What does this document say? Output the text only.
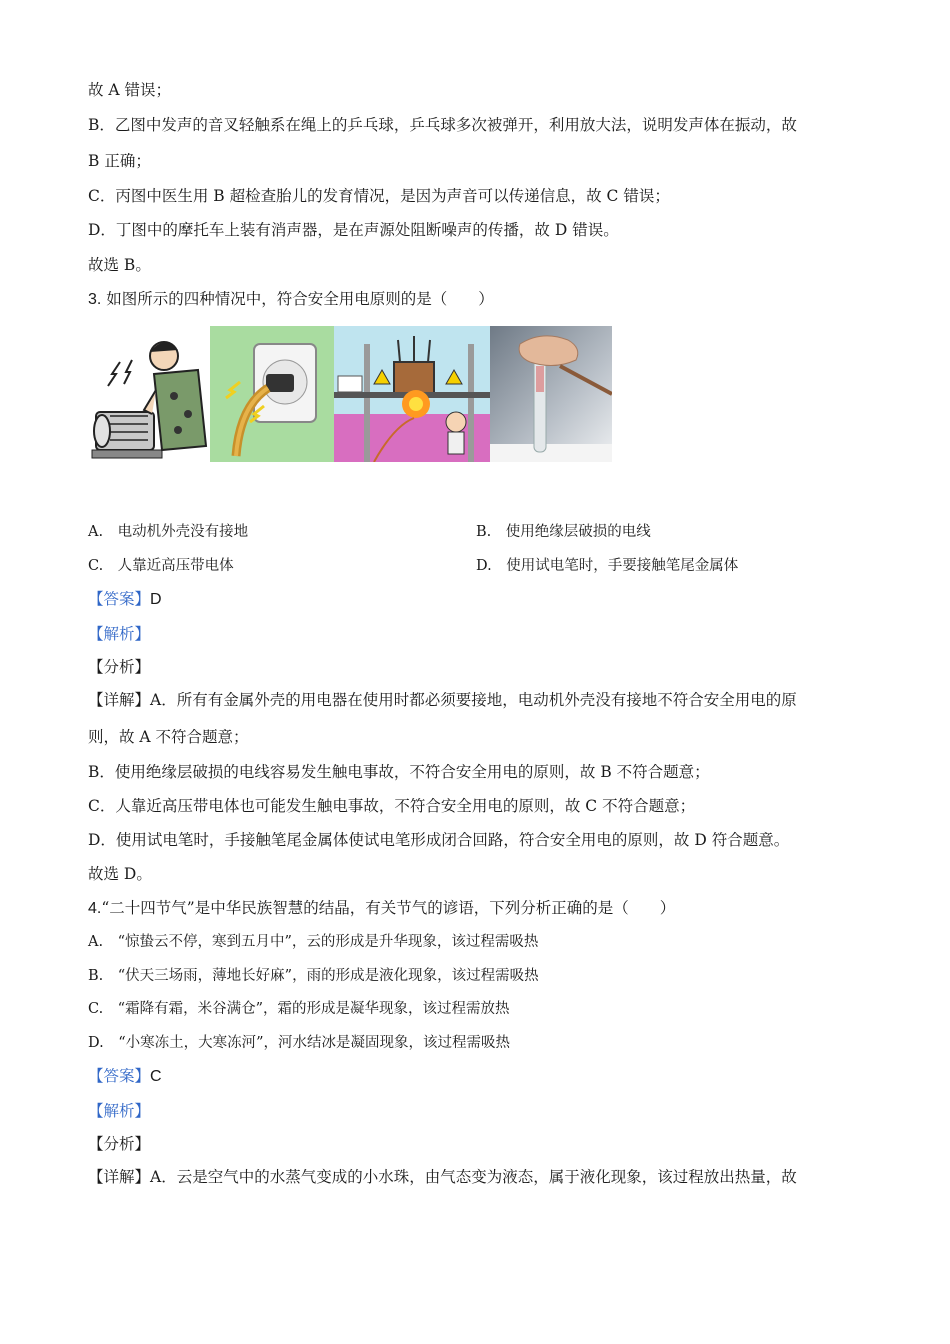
故 A 错误；
B．乙图中发声的音叉轻触系在绳上的乒乓球，乒乓球多次被弹开，利用放大法，说明发声体在振动，故
B 正确；
C．丙图中医生用 B 超检查胎儿的发育情况，是因为声音可以传递信息，故 C 错误；
D．丁图中的摩托车上装有消声器，是在声源处阻断噪声的传播，故 D 错误。
故选 B。
3. 如图所示的四种情况中，符合安全用电原则的是（　　）
A.　电动机外壳没有接地	B.　使用绝缘层破损的电线
C.　人靠近高压带电体	D.　使用试电笔时，手要接触笔尾金属体
【答案】D
【解析】
【分析】
【详解】A．所有有金属外壳的用电器在使用时都必须要接地，电动机外壳没有接地不符合安全用电的原
则，故 A 不符合题意；
B．使用绝缘层破损的电线容易发生触电事故，不符合安全用电的原则，故 B 不符合题意；
C．人靠近高压带电体也可能发生触电事故，不符合安全用电的原则，故 C 不符合题意；
D．使用试电笔时，手接触笔尾金属体使试电笔形成闭合回路，符合安全用电的原则，故 D 符合题意。
故选 D。
4.“二十四节气”是中华民族智慧的结晶，有关节气的谚语，下列分析正确的是（　　）
A.　“惊蛰云不停，寒到五月中”，云的形成是升华现象，该过程需吸热
B.　“伏天三场雨，薄地长好麻”，雨的形成是液化现象，该过程需吸热
C.　“霜降有霜，米谷满仓”，霜的形成是凝华现象，该过程需放热
D.　“小寒冻土，大寒冻河”，河水结冰是凝固现象，该过程需吸热
【答案】C
【解析】
【分析】
【详解】A．云是空气中的水蒸气变成的小水珠，由气态变为液态，属于液化现象，该过程放出热量，故
